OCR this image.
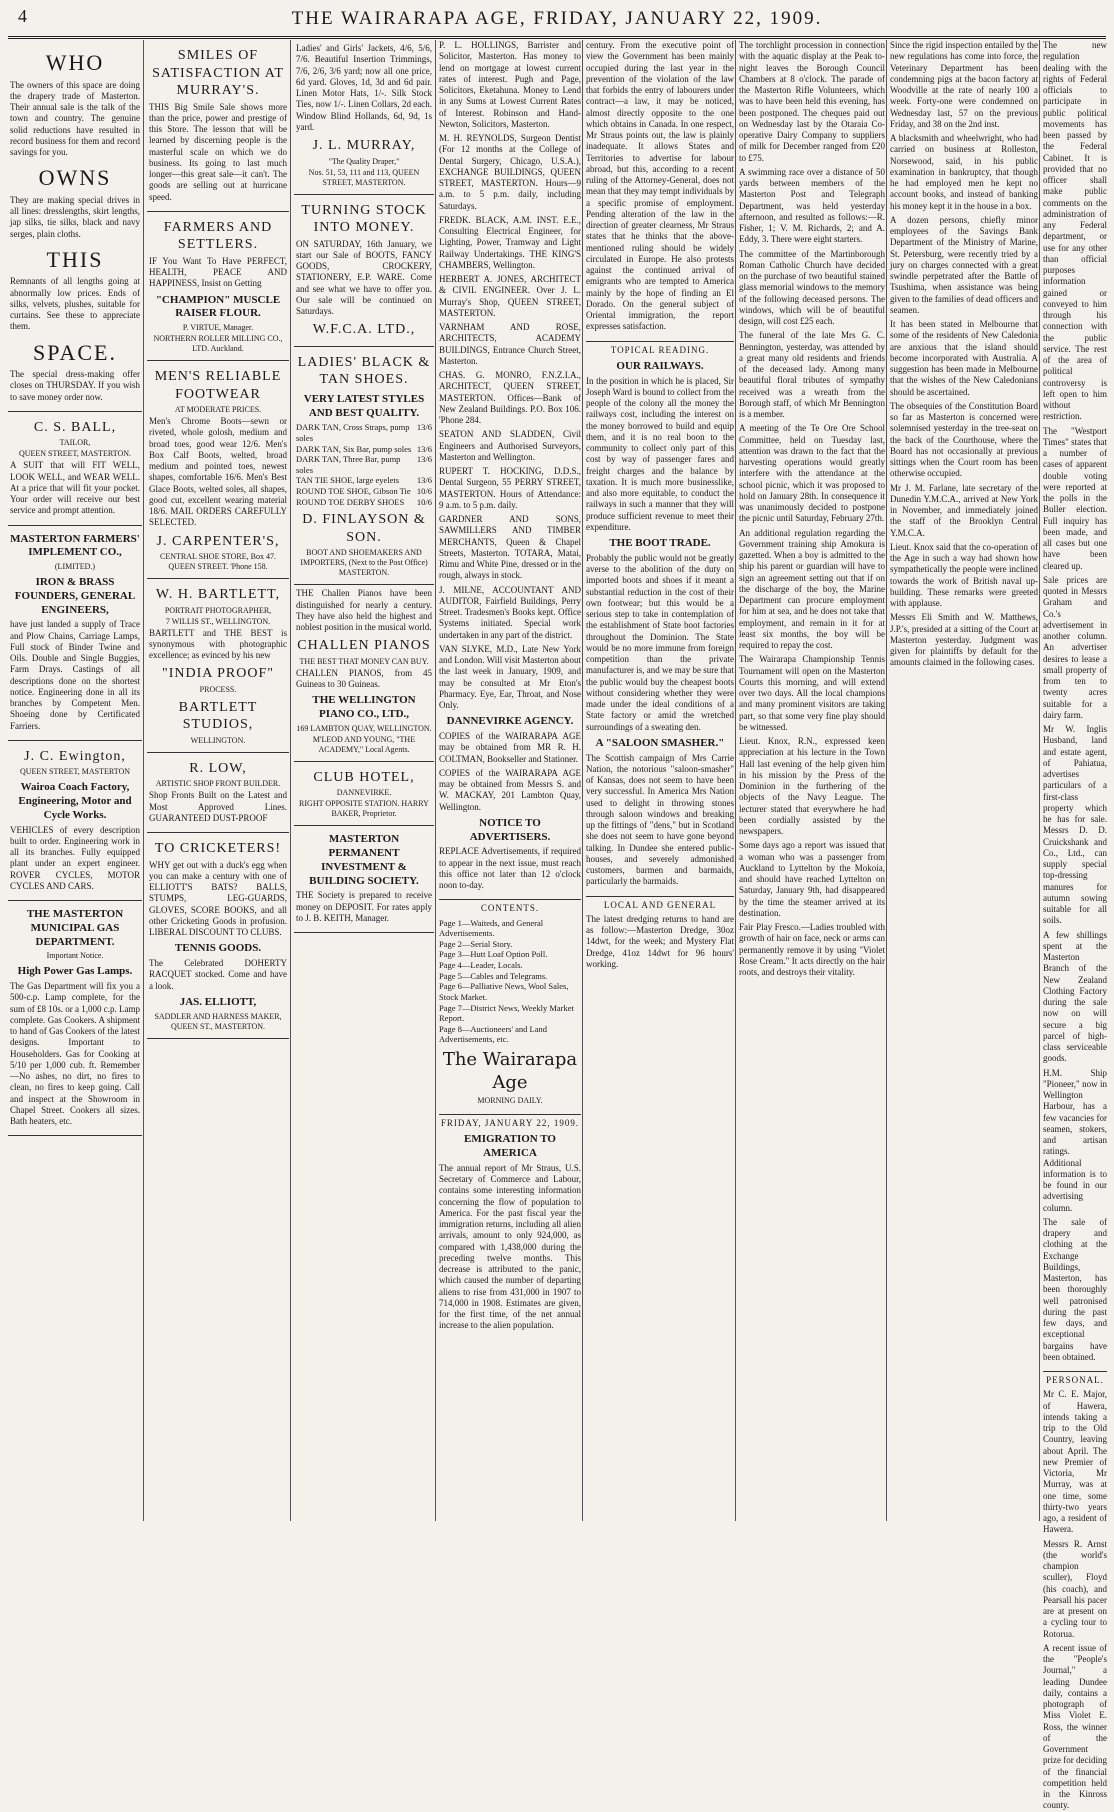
4	THE WAIRARAPA AGE, FRIDAY, JANUARY 22, 1909.
WHO

The owners of this space are doing the drapery trade of Masterton. Their annual sale is the talk of the town and country. The genuine solid reductions have resulted in record business for them and record savings for you.

OWNS

They are making special drives in all lines: dresslengths, skirt lengths, jap silks, tie silks, black and navy serges, plain cloths.

THIS

Remnants of all lengths going at abnormally low prices. Ends of silks, velvets, plushes, suitable for curtains. See these to appreciate them.

SPACE.

The special dress-making offer closes on THURSDAY. If you wish to save money order now.

C. S. BALL,
TAILOR,
QUEEN STREET, MASTERTON.

A SUIT that will FIT WELL, LOOK WELL, and WEAR WELL. At a price that will fit your pocket. Your order will receive our best service and prompt attention.

MASTERTON FARMERS' IMPLEMENT CO.,
(LIMITED.)
IRON & BRASS FOUNDERS, GENERAL ENGINEERS,

have just landed a supply of Trace and Plow Chains, Carriage Lamps, Full stock of Binder Twine and Oils. Double and Single Buggies, Farm Drays. Castings of all descriptions done on the shortest notice. Engineering done in all its branches by Competent Men. Shoeing done by Certificated Farriers.

J. C. Ewington,
QUEEN STREET, MASTERTON
Wairoa Coach Factory, Engineering, Motor and Cycle Works.

VEHICLES of every description built to order. Engineering work in all its branches. Fully equipped plant under an expert engineer. ROVER CYCLES, MOTOR CYCLES AND CARS.

THE MASTERTON MUNICIPAL GAS DEPARTMENT.
Important Notice.
High Power Gas Lamps.

The Gas Department will fix you a 500-c.p. Lamp complete, for the sum of £8 10s. or a 1,000 c.p. Lamp complete. Gas Cookers. A shipment to hand of Gas Cookers of the latest designs. Important to Householders. Gas for Cooking at 5/10 per 1,000 cub. ft. Remember—No ashes, no dirt, no fires to clean, no fires to keep going. Call and inspect at the Showroom in Chapel Street. Cookers all sizes. Bath heaters, etc.

SMILES OF SATISFACTION AT MURRAY'S.

THIS Big Smile Sale shows more than the price, power and prestige of this Store. The lesson that will be learned by discerning people is the masterful scale on which we do business. Its going to last much longer—this great sale—it can't. The goods are selling out at hurricane speed.

FARMERS AND SETTLERS.

IF You Want To Have PERFECT, HEALTH, PEACE AND HAPPINESS, Insist on Getting

"CHAMPION" MUSCLE RAISER FLOUR.
P. VIRTUE, Manager.
NORTHERN ROLLER MILLING CO., LTD. Auckland.
MEN'S RELIABLE FOOTWEAR
AT MODERATE PRICES.

Men's Chrome Boots—sewn or riveted, whole golosh, medium and broad toes, good wear 12/6. Men's Box Calf Boots, welted, broad medium and pointed toes, newest shapes, comfortable 16/6. Men's Best Glace Boots, welted soles, all shapes, good cut, excellent wearing material 18/6. MAIL ORDERS CAREFULLY SELECTED.

J. CARPENTER'S,
CENTRAL SHOE STORE, Box 47. QUEEN STREET. 'Phone 158.
W. H. BARTLETT,
PORTRAIT PHOTOGRAPHER,
7 WILLIS ST., WELLINGTON.

BARTLETT and THE BEST is synonymous with photographic excellence; as evinced by his new

"INDIA PROOF"
PROCESS.
BARTLETT STUDIOS,
WELLINGTON.
R. LOW,
ARTISTIC SHOP FRONT BUILDER.

Shop Fronts Built on the Latest and Most Approved Lines. GUARANTEED DUST-PROOF

TO CRICKETERS!

WHY get out with a duck's egg when you can make a century with one of ELLIOTT'S BATS? BALLS, STUMPS, LEG-GUARDS, GLOVES, SCORE BOOKS, and all other Cricketing Goods in profusion. LIBERAL DISCOUNT TO CLUBS.

TENNIS GOODS.

The Celebrated DOHERTY RACQUET stocked. Come and have a look.

JAS. ELLIOTT,
SADDLER AND HARNESS MAKER, QUEEN ST., MASTERTON.

Ladies' and Girls' Jackets, 4/6, 5/6, 7/6. Beautiful Insertion Trimmings, 7/6, 2/6, 3/6 yard; now all one price, 6d yard. Gloves, 1d, 3d and 6d pair. Linen Motor Hats, 1/-. Silk Stock Ties, now 1/-. Linen Collars, 2d each. Window Blind Hollands, 6d, 9d, 1s yard.

J. L. MURRAY,
"The Quality Draper,"
Nos. 51, 53, 111 and 113, QUEEN STREET, MASTERTON.
TURNING STOCK INTO MONEY.

ON SATURDAY, 16th January, we start our Sale of BOOTS, FANCY GOODS, CROCKERY, STATIONERY, E.P. WARE. Come and see what we have to offer you. Our sale will be continued on Saturdays.

W.F.C.A. LTD.,
LADIES' BLACK & TAN SHOES.
VERY LATEST STYLES AND BEST QUALITY.
DARK TAN, Cross Straps, pump soles
13/6
DARK TAN, Six Bar, pump soles 13/6
DARK TAN, Three Bar, pump soles
13/6
TAN TIE SHOE, large eyelets 13/6
ROUND TOE SHOE, Gibson Tie 10/6
ROUND TOE DERBY SHOES 10/6
D. FINLAYSON & SON.
BOOT AND SHOEMAKERS AND IMPORTERS, (Next to the Post Office) MASTERTON.

THE Challen Pianos have been distinguished for nearly a century. They have also held the highest and noblest position in the musical world.

CHALLEN PIANOS
THE BEST THAT MONEY CAN BUY.

CHALLEN PIANOS, from 45 Guineas to 30 Guineas.

THE WELLINGTON PIANO CO., LTD.,
169 LAMBTON QUAY, WELLINGTON.
M'LEOD AND YOUNG, "THE ACADEMY," Local Agents.
CLUB HOTEL,
DANNEVIRKE.
RIGHT OPPOSITE STATION. HARRY BAKER, Proprietor.
MASTERTON PERMANENT INVESTMENT & BUILDING SOCIETY.

THE Society is prepared to receive money on DEPOSIT. For rates apply to J. B. KEITH, Manager.

P. L. HOLLINGS, Barrister and Solicitor, Masterton. Has money to lend on mortgage at lowest current rates of interest. Pugh and Page, Solicitors, Eketahuna. Money to Lend in any Sums at Lowest Current Rates of Interest. Robinson and Hand-Newton, Solicitors, Masterton.

M. H. REYNOLDS, Surgeon Dentist (For 12 months at the College of Dental Surgery, Chicago, U.S.A.), EXCHANGE BUILDINGS, QUEEN STREET, MASTERTON. Hours—9 a.m. to 5 p.m. daily, including Saturdays.

FREDK. BLACK, A.M. INST. E.E., Consulting Electrical Engineer, for Lighting, Power, Tramway and Light Railway Undertakings. THE KING'S CHAMBERS, Wellington.

HERBERT A. JONES, ARCHITECT & CIVIL ENGINEER. Over J. L. Murray's Shop, QUEEN STREET, MASTERTON.

VARNHAM AND ROSE, ARCHITECTS, ACADEMY BUILDINGS, Entrance Church Street, Masterton.

CHAS. G. MONRO, F.N.Z.I.A., ARCHITECT, QUEEN STREET, MASTERTON. Offices—Bank of New Zealand Buildings. P.O. Box 106. 'Phone 284.

SEATON AND SLADDEN, Civil Engineers and Authorised Surveyors, Masterton and Wellington.

RUPERT T. HOCKING, D.D.S., Dental Surgeon, 55 PERRY STREET, MASTERTON. Hours of Attendance: 9 a.m. to 5 p.m. daily.

GARDNER AND SONS, SAWMILLERS AND TIMBER MERCHANTS, Queen & Chapel Streets, Masterton. TOTARA, Matai, Rimu and White Pine, dressed or in the rough, always in stock.

J. MILNE, ACCOUNTANT AND AUDITOR, Fairfield Buildings, Perry Street. Tradesmen's Books kept. Office Systems initiated. Special work undertaken in any part of the district.

VAN SLYKE, M.D., Late New York and London. Will visit Masterton about the last week in January, 1909, and may be consulted at Mr Eton's Pharmacy. Eye, Ear, Throat, and Nose Only.

DANNEVIRKE AGENCY.

COPIES of the WAIRARAPA AGE may be obtained from MR R. H. COLTMAN, Bookseller and Stationer.

COPIES of the WAIRARAPA AGE may be obtained from Messrs S. and W. MACKAY, 201 Lambton Quay, Wellington.

NOTICE TO ADVERTISERS.

REPLACE Advertisements, if required to appear in the next issue, must reach this office not later than 12 o'clock noon to-day.

CONTENTS.
Page 1—Waiteds, and General Advertisements.
Page 2—Serial Story.
Page 3—Hutt Loaf Option Poll.
Page 4—Leader, Locals.
Page 5—Cables and Telegrams.
Page 6—Palliative News, Wool Sales, Stock Market.
Page 7—District News, Weekly Market Report.
Page 8—Auctioneers' and Land Advertisements, etc.
The Wairarapa Age
MORNING DAILY.
FRIDAY, JANUARY 22, 1909.
EMIGRATION TO AMERICA

The annual report of Mr Straus, U.S. Secretary of Commerce and Labour, contains some interesting information concerning the flow of population to America. For the past fiscal year the immigration returns, including all alien arrivals, amount to only 924,000, as compared with 1,438,000 during the preceding twelve months. This decrease is attributed to the panic, which caused the number of departing aliens to rise from 431,000 in 1907 to 714,000 in 1908. Estimates are given, for the first time, of the net annual increase to the alien population.

century. From the executive point of view the Government has been mainly occupied during the last year in the prevention of the violation of the law that forbids the entry of labourers under contract—a law, it may be noticed, almost directly opposite to the one which obtains in Canada. In one respect, Mr Straus points out, the law is plainly inadequate. It allows States and Territories to advertise for labour abroad, but this, according to a recent ruling of the Attorney-General, does not mean that they may tempt individuals by a specific promise of employment. Pending alteration of the law in the direction of greater clearness, Mr Straus states that he thinks that the above-mentioned ruling should be widely circulated in Europe. He also protests against the continued arrival of emigrants who are tempted to America mainly by the hope of finding an El Dorado. On the general subject of Oriental immigration, the report expresses satisfaction.

TOPICAL READING.
OUR RAILWAYS.

In the position in which he is placed, Sir Joseph Ward is bound to collect from the people of the colony all the money the railways cost, including the interest on the money borrowed to build and equip them, and it is no real boon to the community to collect only part of this cost by way of passenger fares and freight charges and the balance by taxation. It is much more businesslike, and also more equitable, to conduct the railways in such a manner that they will produce sufficient revenue to meet their expenditure.

THE BOOT TRADE.

Probably the public would not be greatly averse to the abolition of the duty on imported boots and shoes if it meant a substantial reduction in the cost of their own footwear; but this would be a serious step to take in contemplation of the establishment of State boot factories throughout the Dominion. The State would be no more immune from foreign competition than the private manufacturer is, and we may be sure that the public would buy the cheapest boots without considering whether they were made under the ideal conditions of a State factory or amid the wretched surroundings of a sweating den.

A "SALOON SMASHER."

The Scottish campaign of Mrs Carrie Nation, the notorious "saloon-smasher" of Kansas, does not seem to have been very successful. In America Mrs Nation used to delight in throwing stones through saloon windows and breaking up the fittings of "dens," but in Scotland she does not seem to have gone beyond talking. In Dundee she entered public-houses, and severely admonished customers, barmen and barmaids, particularly the barmaids.

LOCAL AND GENERAL

The latest dredging returns to hand are as follow:—Masterton Dredge, 30oz 14dwt, for the week; and Mystery Flat Dredge, 41oz 14dwt for 96 hours' working.

The torchlight procession in connection with the aquatic display at the Peak to-night leaves the Borough Council Chambers at 8 o'clock. The parade of the Masterton Rifle Volunteers, which was to have been held this evening, has been postponed. The cheques paid out on Wednesday last by the Otaraia Co-operative Dairy Company to suppliers of milk for December ranged from £20 to £75.

A swimming race over a distance of 50 yards between members of the Masterton Post and Telegraph Department, was held yesterday afternoon, and resulted as follows:—R. Fisher, 1; V. M. Richards, 2; and A. Eddy, 3. There were eight starters.

The committee of the Martinborough Roman Catholic Church have decided on the purchase of two beautiful stained glass memorial windows to the memory of the following deceased persons. The windows, which will be of beautiful design, will cost £25 each.

The funeral of the late Mrs G. C. Bennington, yesterday, was attended by a great many old residents and friends of the deceased lady. Among many beautiful floral tributes of sympathy received was a wreath from the Borough staff, of which Mr Bennington is a member.

A meeting of the Te Ore Ore School Committee, held on Tuesday last, attention was drawn to the fact that the harvesting operations would greatly interfere with the attendance at the school picnic, which it was proposed to hold on January 28th. In consequence it was unanimously decided to postpone the picnic until Saturday, February 27th.

An additional regulation regarding the Government training ship Amokura is gazetted. When a boy is admitted to the ship his parent or guardian will have to sign an agreement setting out that if on the discharge of the boy, the Marine Department can procure employment for him at sea, and he does not take that employment, and remain in it for at least six months, the boy will be required to repay the cost.

The Wairarapa Championship Tennis Tournament will open on the Masterton Courts this morning, and will extend over two days. All the local champions and many prominent visitors are taking part, so that some very fine play should be witnessed.

Lieut. Knox, R.N., expressed keen appreciation at his lecture in the Town Hall last evening of the help given him in his mission by the Press of the Dominion in the furthering of the objects of the Navy League. The lecturer stated that everywhere he had been cordially assisted by the newspapers.

Some days ago a report was issued that a woman who was a passenger from Auckland to Lyttelton by the Mokoia, and should have reached Lyttelton on Saturday, January 9th, had disappeared by the time the steamer arrived at its destination.

Fair Play Fresco.—Ladies troubled with growth of hair on face, neck or arms can permanently remove it by using "Violet Rose Cream." It acts directly on the hair roots, and destroys their vitality.

Since the rigid inspection entailed by the new regulations has come into force, the Veterinary Department has been condemning pigs at the bacon factory at Woodville at the rate of nearly 100 a week. Forty-one were condemned on Wednesday last, 57 on the previous Friday, and 38 on the 2nd inst.

A blacksmith and wheelwright, who had carried on business at Rolleston, Norsewood, said, in his public examination in bankruptcy, that though he had employed men he kept no account books, and instead of banking his money kept it in the house in a box.

A dozen persons, chiefly minor employees of the Savings Bank Department of the Ministry of Marine, St. Petersburg, were recently tried by a jury on charges connected with a great swindle perpetrated after the Battle of Tsushima, when assistance was being given to the families of dead officers and seamen.

It has been stated in Melbourne that some of the residents of New Caledonia are anxious that the island should become incorporated with Australia. A suggestion has been made in Melbourne that the wishes of the New Caledonians should be ascertained.

The obsequies of the Constitution Board so far as Masterton is concerned were solemnised yesterday in the tree-seat on the back of the Courthouse, where the Board has not occasionally at previous sittings when the Court room has been otherwise occupied.

Mr J. M. Farlane, late secretary of the Dunedin Y.M.C.A., arrived at New York in November, and immediately joined the staff of the Brooklyn Central Y.M.C.A.

Lieut. Knox said that the co-operation of the Age in such a way had shown how sympathetically the people were inclined towards the work of British naval up-building. These remarks were greeted with applause.

Messrs Eli Smith and W. Matthews, J.P.'s, presided at a sitting of the Court at Masterton yesterday. Judgment was given for plaintiffs by default for the amounts claimed in the following cases.

The new regulation dealing with the rights of Federal officials to participate in public political movements has been passed by the Federal Cabinet. It is provided that no officer shall make public comments on the administration of any Federal department, or use for any other than official purposes information gained or conveyed to him through his connection with the public service. The rest of the area of political controversy is left open to him without restriction.

The "Westport Times" states that a number of cases of apparent double voting were reported at the polls in the Buller election. Full inquiry has been made, and all cases but one have been cleared up.

Sale prices are quoted in Messrs Graham and Co.'s advertisement in another column. An advertiser desires to lease a small property of from ten to twenty acres suitable for a dairy farm.

Mr W. Inglis Husband, land and estate agent, of Pahiatua, advertises particulars of a first-class property which he has for sale. Messrs D. D. Cruickshank and Co., Ltd., can supply special top-dressing manures for autumn sowing suitable for all soils.

A few shillings spent at the Masterton Branch of the New Zealand Clothing Factory during the sale now on will secure a big parcel of high-class serviceable goods.

H.M. Ship "Pioneer," now in Wellington Harbour, has a few vacancies for seamen, stokers, and artisan ratings. Additional information is to be found in our advertising column.

The sale of drapery and clothing at the Exchange Buildings, Masterton, has been thoroughly well patronised during the past few days, and exceptional bargains have been obtained.

PERSONAL.

Mr C. E. Major, of Hawera, intends taking a trip to the Old Country, leaving about April. The new Premier of Victoria, Mr Murray, was at one time, some thirty-two years ago, a resident of Hawera.

Messrs R. Arnst (the world's champion sculler), Floyd (his coach), and Pearsall his pacer are at present on a cycling tour to Rotorua.

A recent issue of the "People's Journal," a leading Dundee daily, contains a photograph of Miss Violet E. Ross, the winner of the Government prize for deciding of the financial competition held in the Kinross county.
